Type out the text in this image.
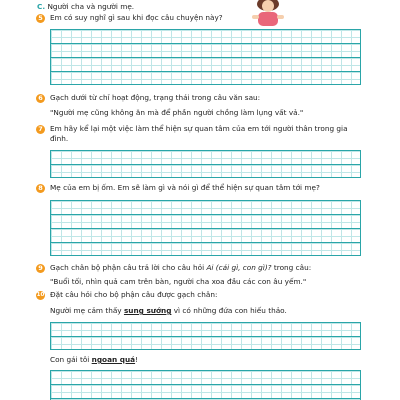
C. Người cha và người mẹ.
5 Em có suy nghĩ gì sau khi đọc câu chuyện này?
6 Gạch dưới từ chỉ hoạt động, trạng thái trong câu văn sau:
"Người mẹ cũng không ăn mà để phần người chồng làm lụng vất vả."
7 Em hãy kể lại một việc làm thể hiện sự quan tâm của em tới người thân trong gia đình.
8 Mẹ của em bị ốm. Em sẽ làm gì và nói gì để thể hiện sự quan tâm tới mẹ?
9 Gạch chân bộ phận câu trả lời cho câu hỏi Ai (cái gì, con gì)? trong câu:
"Buổi tối, nhìn quả cam trên bàn, người cha xoa đầu các con âu yếm."
10 Đặt câu hỏi cho bộ phận câu được gạch chân:
Người mẹ cảm thấy sung sướng vì có những đứa con hiếu thảo.
Con gái tôi ngoan quá!
